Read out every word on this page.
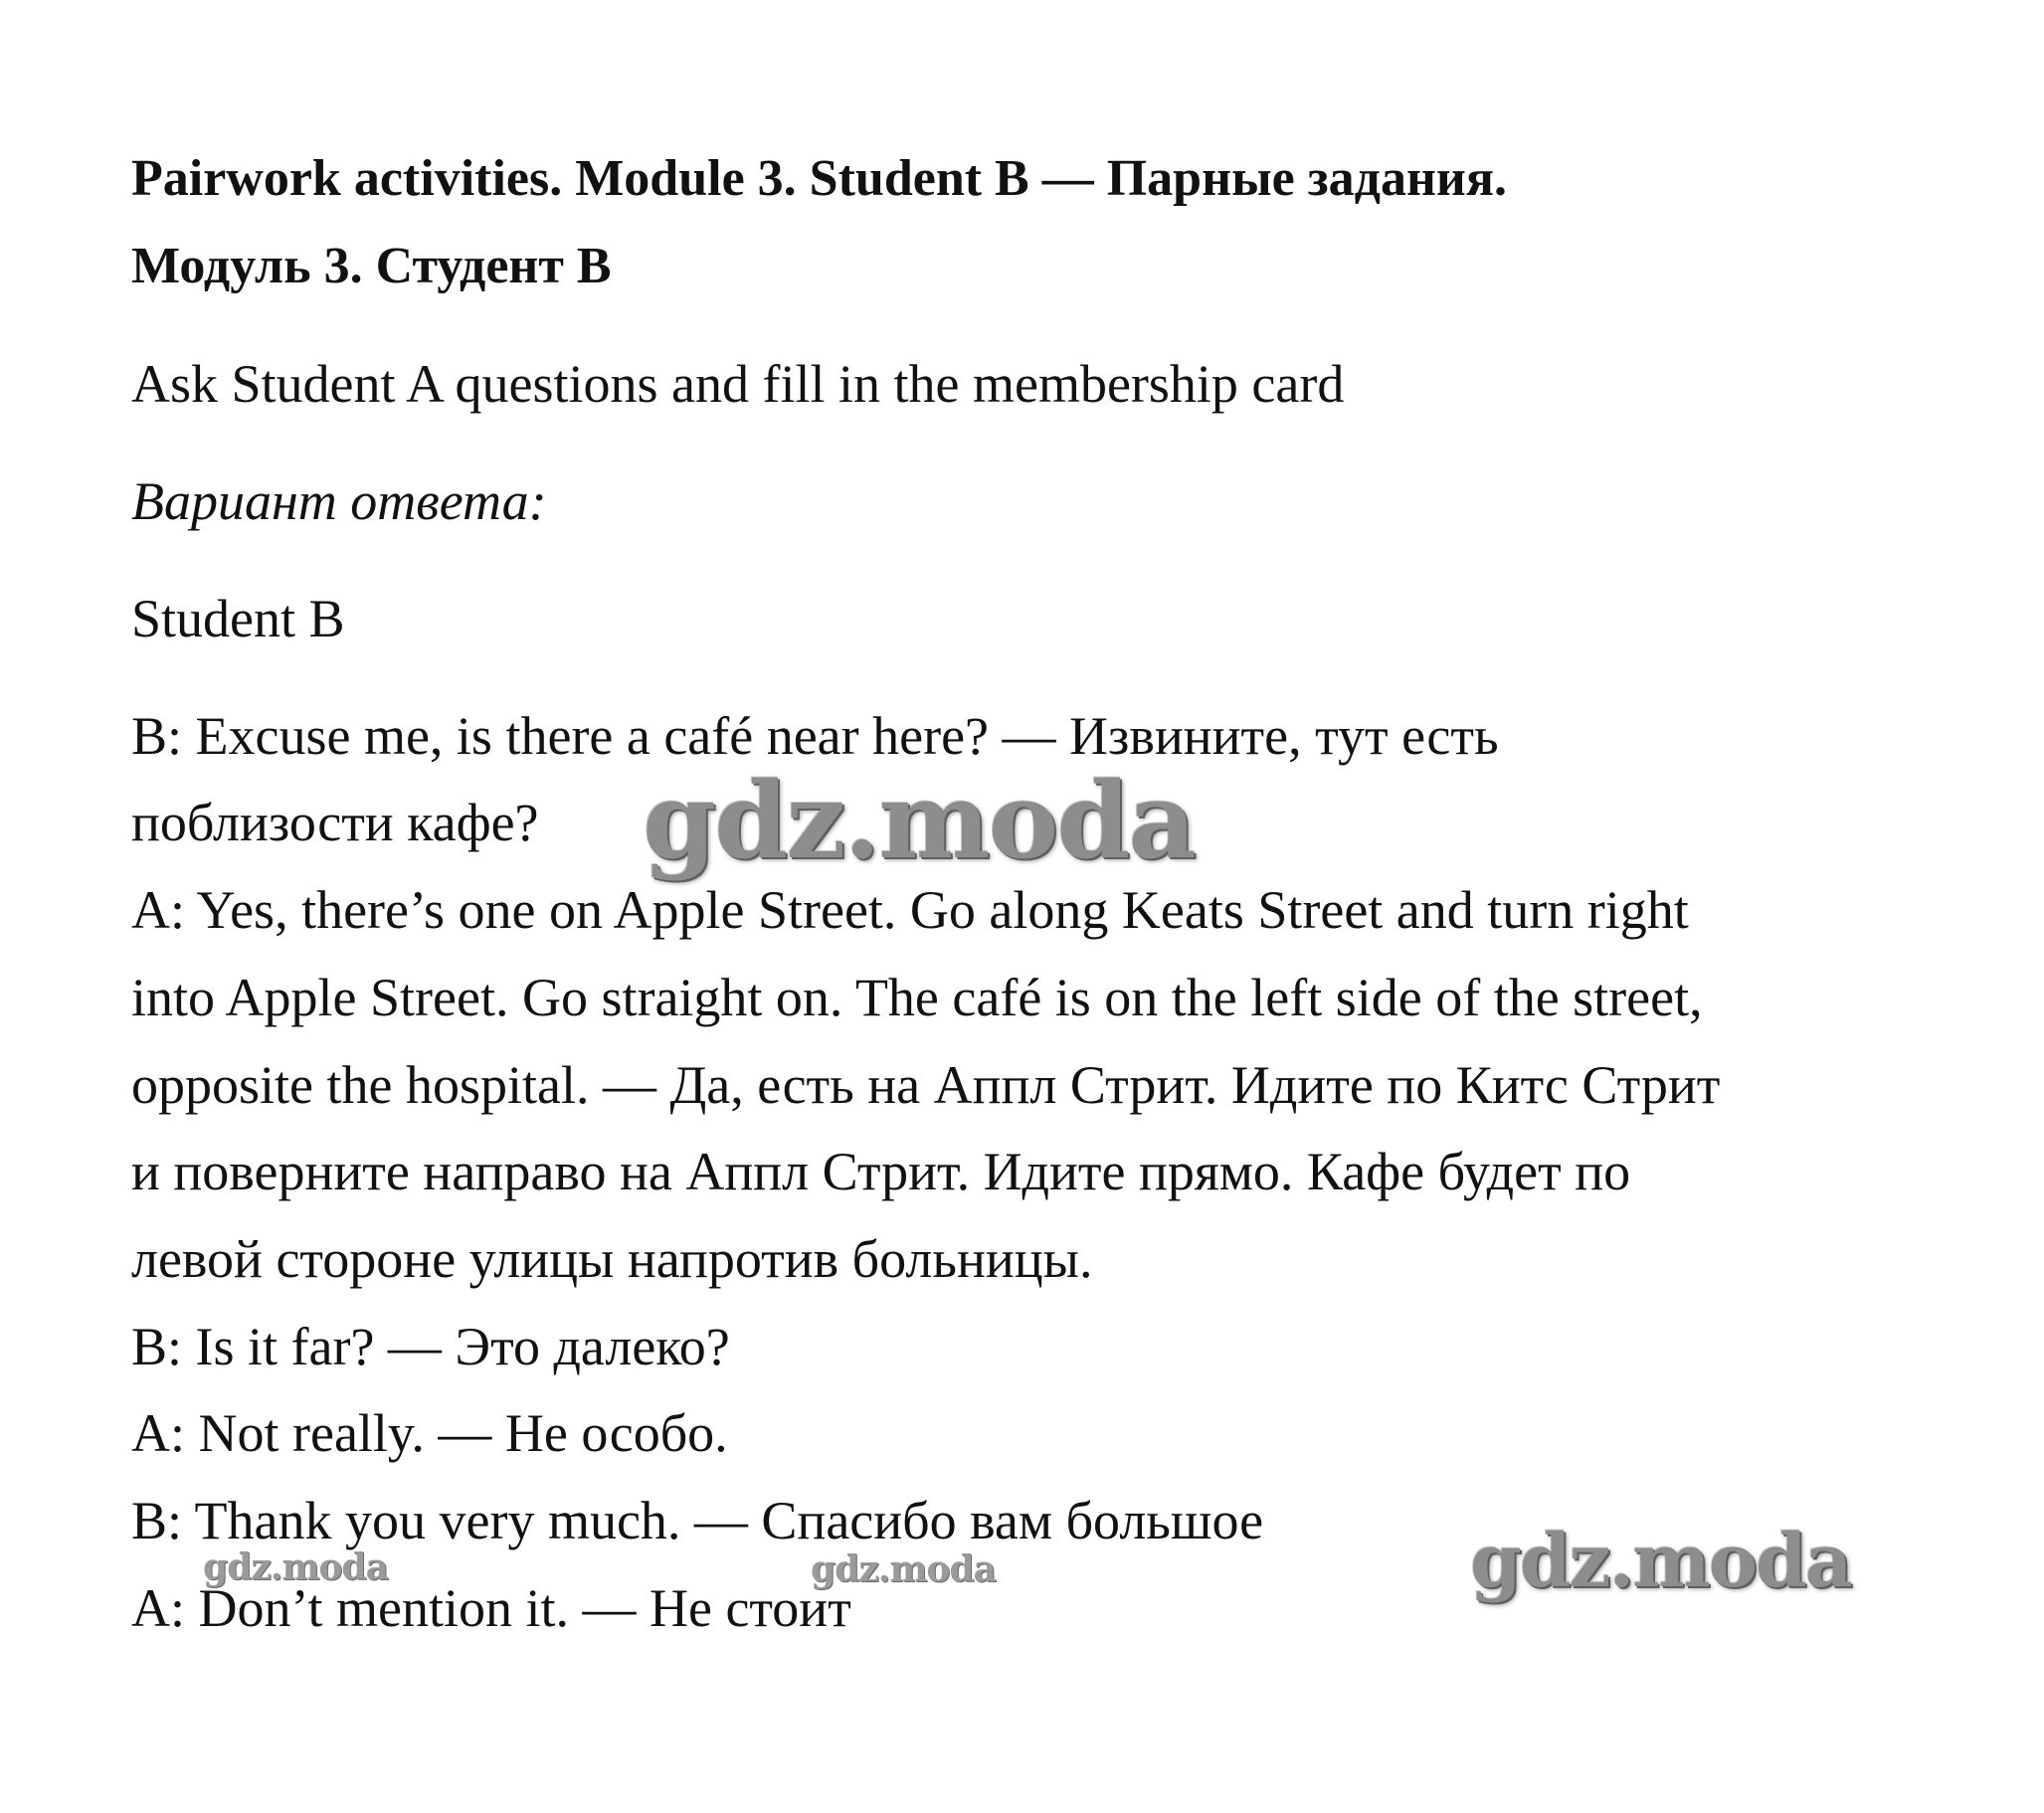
Pairwork activities. Module 3. Student B — Парные задания.

Модуль 3. Студент B

Ask Student A questions and fill in the membership card

Вариант ответа:

Student B

B: Excuse me, is there a café near here? — Извините, тут есть

поблизости кафе?

A: Yes, there’s one on Apple Street. Go along Keats Street and turn right

into Apple Street. Go straight on. The café is on the left side of the street,

opposite the hospital. — Да, есть на Аппл Стрит. Идите по Китс Стрит

и поверните направо на Аппл Стрит. Идите прямо. Кафе будет по

левой стороне улицы напротив больницы.

B: Is it far? — Это далеко?

A: Not really. — Не особо.

B: Thank you very much. — Спасибо вам большое

A: Don’t mention it. — Не стоит

gdz.moda
gdz.moda
gdz.moda	gdz.moda
